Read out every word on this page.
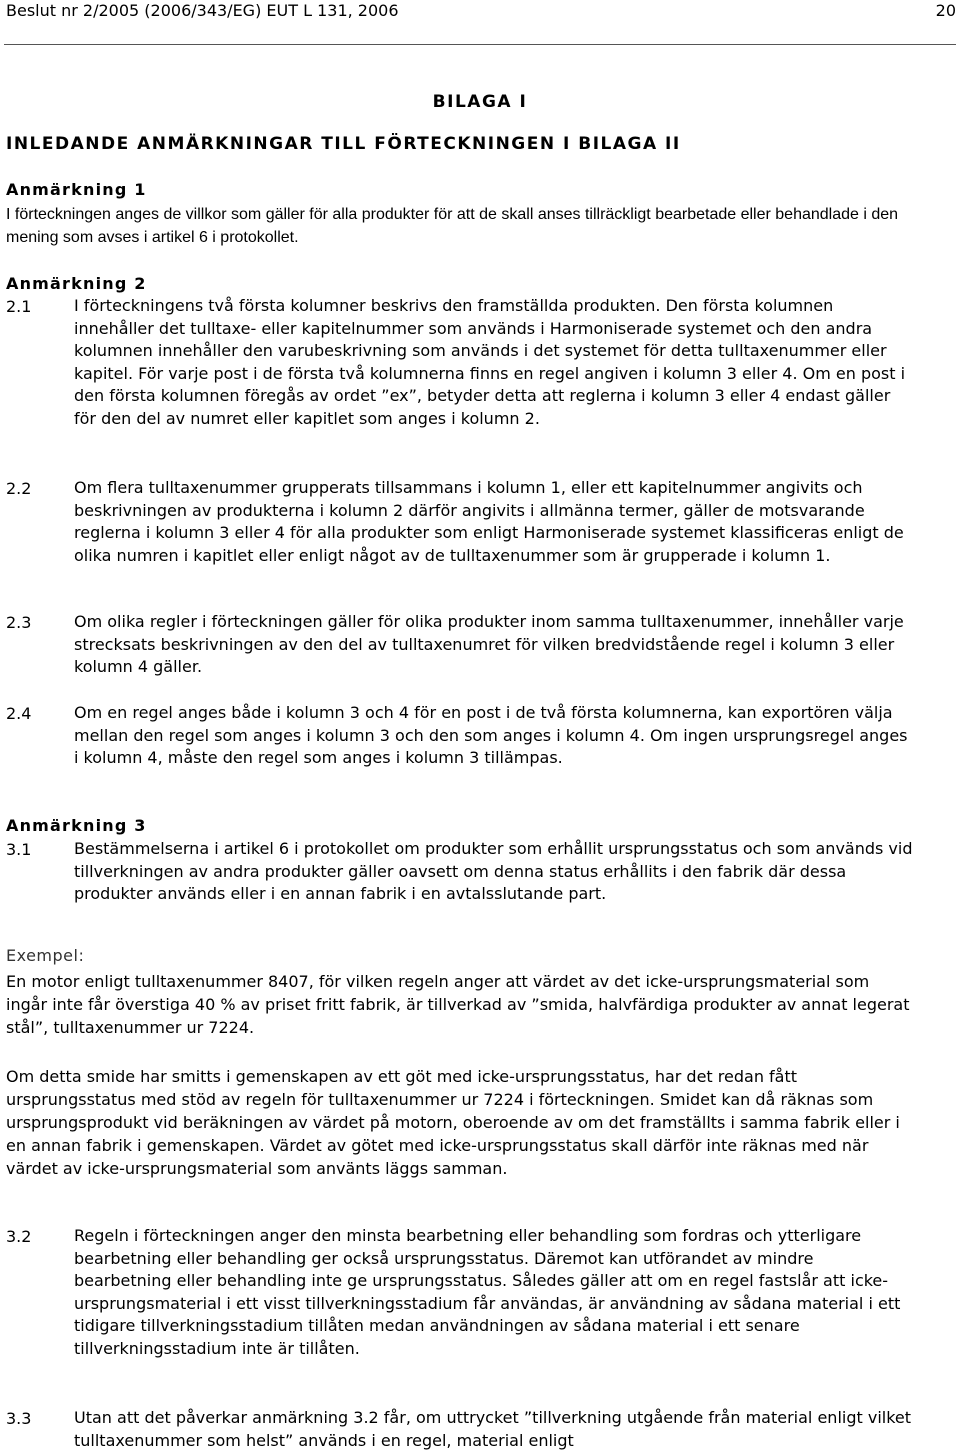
Beslut nr 2/2005 (2006/343/EG) EUT L 131, 2006	20
BILAGA I
INLEDANDE ANMÄRKNINGAR TILL FÖRTECKNINGEN I BILAGA II
Anmärkning 1
I förteckningen anges de villkor som gäller för alla produkter för att de skall anses tillräckligt bearbetade eller behandlade i den mening som avses i artikel 6 i protokollet.
Anmärkning 2
2.1	I förteckningens två första kolumner beskrivs den framställda produkten. Den första kolumnen innehåller det tulltaxe- eller kapitelnummer som används i Harmoniserade systemet och den andra kolumnen innehåller den varubeskrivning som används i det systemet för detta tulltaxenummer eller kapitel. För varje post i de första två kolumnerna finns en regel angiven i kolumn 3 eller 4. Om en post i den första kolumnen föregås av ordet ”ex”, betyder detta att reglerna i kolumn 3 eller 4 endast gäller för den del av numret eller kapitlet som anges i kolumn 2.
2.2	Om flera tulltaxenummer grupperats tillsammans i kolumn 1, eller ett kapitelnummer angivits och beskrivningen av produkterna i kolumn 2 därför angivits i allmänna termer, gäller de motsvarande reglerna i kolumn 3 eller 4 för alla produkter som enligt Harmoniserade systemet klassificeras enligt de olika numren i kapitlet eller enligt något av de tulltaxenummer som är grupperade i kolumn 1.
2.3	Om olika regler i förteckningen gäller för olika produkter inom samma tulltaxenummer, innehåller varje strecksats beskrivningen av den del av tulltaxenumret för vilken bredvidstående regel i kolumn 3 eller kolumn 4 gäller.
2.4	Om en regel anges både i kolumn 3 och 4 för en post i de två första kolumnerna, kan exportören välja mellan den regel som anges i kolumn 3 och den som anges i kolumn 4. Om ingen ursprungsregel anges i kolumn 4, måste den regel som anges i kolumn 3 tillämpas.
Anmärkning 3
3.1	Bestämmelserna i artikel 6 i protokollet om produkter som erhållit ursprungsstatus och som används vid tillverkningen av andra produkter gäller oavsett om denna status erhållits i den fabrik där dessa produkter används eller i en annan fabrik i en avtalsslutande part.
Exempel:
En motor enligt tulltaxenummer 8407, för vilken regeln anger att värdet av det icke-ursprungsmaterial som ingår inte får överstiga 40 % av priset fritt fabrik, är tillverkad av ”smida, halvfärdiga produkter av annat legerat stål”, tulltaxenummer ur 7224.
Om detta smide har smitts i gemenskapen av ett göt med icke-ursprungsstatus, har det redan fått ursprungsstatus med stöd av regeln för tulltaxenummer ur 7224 i förteckningen. Smidet kan då räknas som ursprungsprodukt vid beräkningen av värdet på motorn, oberoende av om det framställts i samma fabrik eller i en annan fabrik i gemenskapen. Värdet av götet med icke-ursprungsstatus skall därför inte räknas med när värdet av icke-ursprungsmaterial som använts läggs samman.
3.2	Regeln i förteckningen anger den minsta bearbetning eller behandling som fordras och ytterligare bearbetning eller behandling ger också ursprungsstatus. Däremot kan utförandet av mindre bearbetning eller behandling inte ge ursprungsstatus. Således gäller att om en regel fastslår att icke-ursprungsmaterial i ett visst tillverkningsstadium får användas, är användning av sådana material i ett tidigare tillverkningsstadium tillåten medan användningen av sådana material i ett senare tillverkningsstadium inte är tillåten.
3.3	Utan att det påverkar anmärkning 3.2 får, om uttrycket ”tillverkning utgående från material enligt vilket tulltaxenummer som helst” används i en regel, material enligt
